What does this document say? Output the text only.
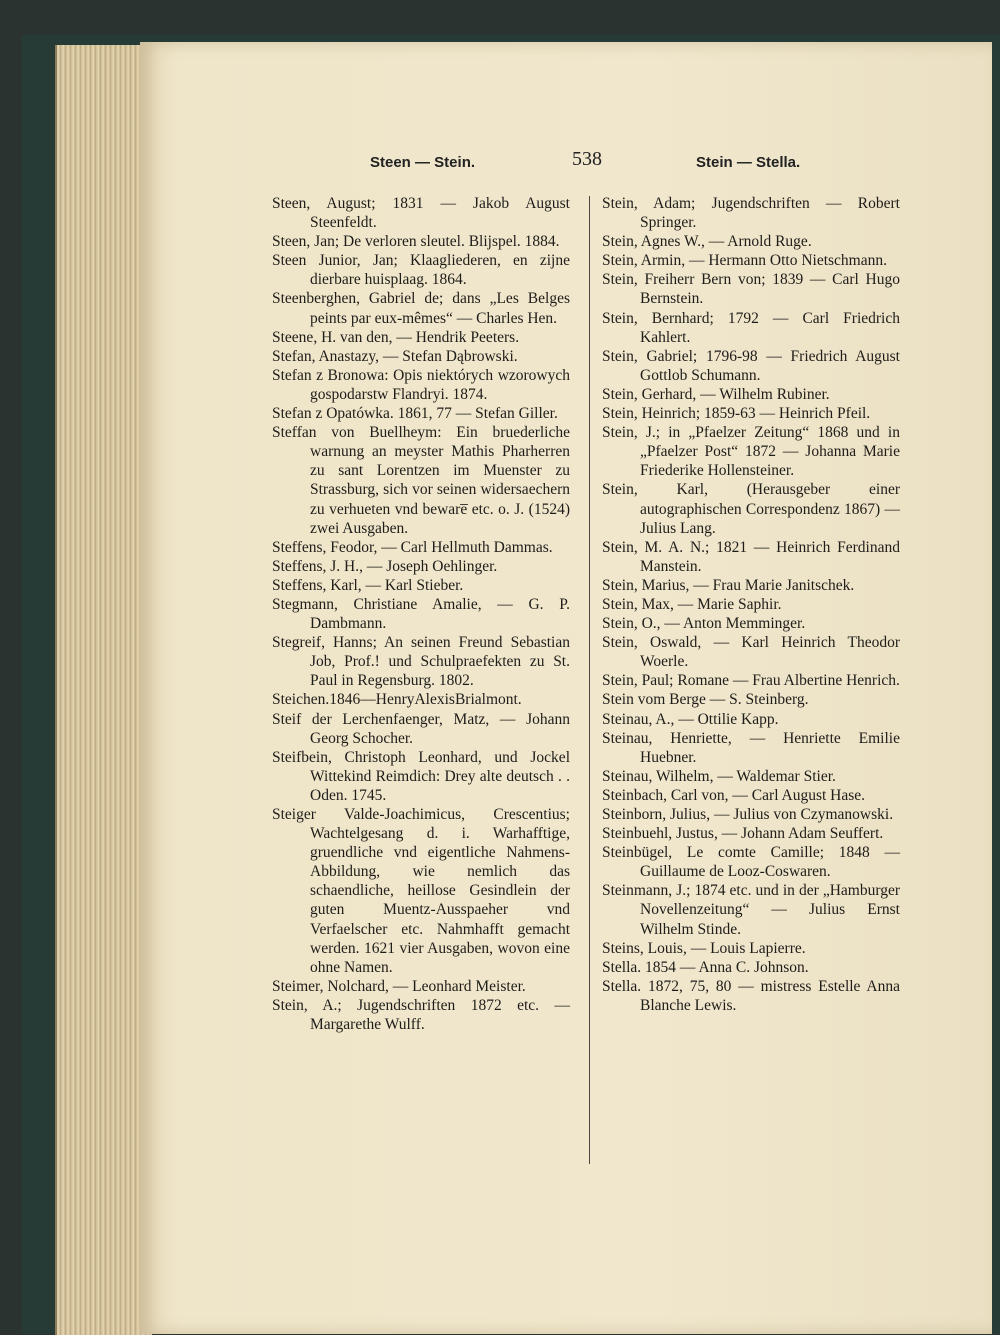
Steen — Stein.	538	Stein — Stella.

Steen, August; 1831 — Jakob August Steenfeldt.

Steen, Jan; De verloren sleutel. Blijspel. 1884.

Steen Junior, Jan; Klaagliederen, en zijne dierbare huisplaag. 1864.

Steenberghen, Gabriel de; dans „Les Belges peints par eux-mêmes“ — Charles Hen.

Steene, H. van den, — Hendrik Peeters.

Stefan, Anastazy, — Stefan Dąbrowski.

Stefan z Bronowa: Opis niektórych wzorowych gospodarstw Flandryi. 1874.

Stefan z Opatówka. 1861, 77 — Stefan Giller.

Steffan von Buellheym: Ein bruederliche warnung an meyster Mathis Pharherren zu sant Lorentzen im Muenster zu Strassburg, sich vor seinen widersaechern zu verhueten vnd beware̅ etc. o. J. (1524) zwei Ausgaben.

Steffens, Feodor, — Carl Hellmuth Dammas.

Steffens, J. H., — Joseph Oehlinger.

Steffens, Karl, — Karl Stieber.

Stegmann, Christiane Amalie, — G. P. Dambmann.

Stegreif, Hanns; An seinen Freund Sebastian Job, Prof.! und Schulpraefekten zu St. Paul in Regensburg. 1802.

Steichen.1846—HenryAlexisBrialmont.

Steif der Lerchenfaenger, Matz, — Johann Georg Schocher.

Steifbein, Christoph Leonhard, und Jockel Wittekind Reimdich: Drey alte deutsch . . Oden. 1745.

Steiger Valde-Joachimicus, Crescentius; Wachtelgesang d. i. Warhafftige, gruendliche vnd eigentliche Nahmens-Abbildung, wie nemlich das schaendliche, heillose Gesindlein der guten Muentz-Ausspaeher vnd Verfaelscher etc. Nahmhafft gemacht werden. 1621 vier Ausgaben, wovon eine ohne Namen.

Steimer, Nolchard, — Leonhard Meister.

Stein, A.; Jugendschriften 1872 etc. — Margarethe Wulff.

Stein, Adam; Jugendschriften — Robert Springer.

Stein, Agnes W., — Arnold Ruge.

Stein, Armin, — Hermann Otto Nietschmann.

Stein, Freiherr Bern von; 1839 — Carl Hugo Bernstein.

Stein, Bernhard; 1792 — Carl Friedrich Kahlert.

Stein, Gabriel; 1796-98 — Friedrich August Gottlob Schumann.

Stein, Gerhard, — Wilhelm Rubiner.

Stein, Heinrich; 1859-63 — Heinrich Pfeil.

Stein, J.; in „Pfaelzer Zeitung“ 1868 und in „Pfaelzer Post“ 1872 — Johanna Marie Friederike Hollensteiner.

Stein, Karl, (Herausgeber einer autographischen Correspondenz 1867) — Julius Lang.

Stein, M. A. N.; 1821 — Heinrich Ferdinand Manstein.

Stein, Marius, — Frau Marie Janitschek.

Stein, Max, — Marie Saphir.

Stein, O., — Anton Memminger.

Stein, Oswald, — Karl Heinrich Theodor Woerle.

Stein, Paul; Romane — Frau Albertine Henrich.

Stein vom Berge — S. Steinberg.

Steinau, A., — Ottilie Kapp.

Steinau, Henriette, — Henriette Emilie Huebner.

Steinau, Wilhelm, — Waldemar Stier.

Steinbach, Carl von, — Carl August Hase.

Steinborn, Julius, — Julius von Czymanowski.

Steinbuehl, Justus, — Johann Adam Seuffert.

Steinbügel, Le comte Camille; 1848 — Guillaume de Looz-Coswaren.

Steinmann, J.; 1874 etc. und in der „Hamburger Novellenzeitung“ — Julius Ernst Wilhelm Stinde.

Steins, Louis, — Louis Lapierre.

Stella. 1854 — Anna C. Johnson.

Stella. 1872, 75, 80 — mistress Estelle Anna Blanche Lewis.
